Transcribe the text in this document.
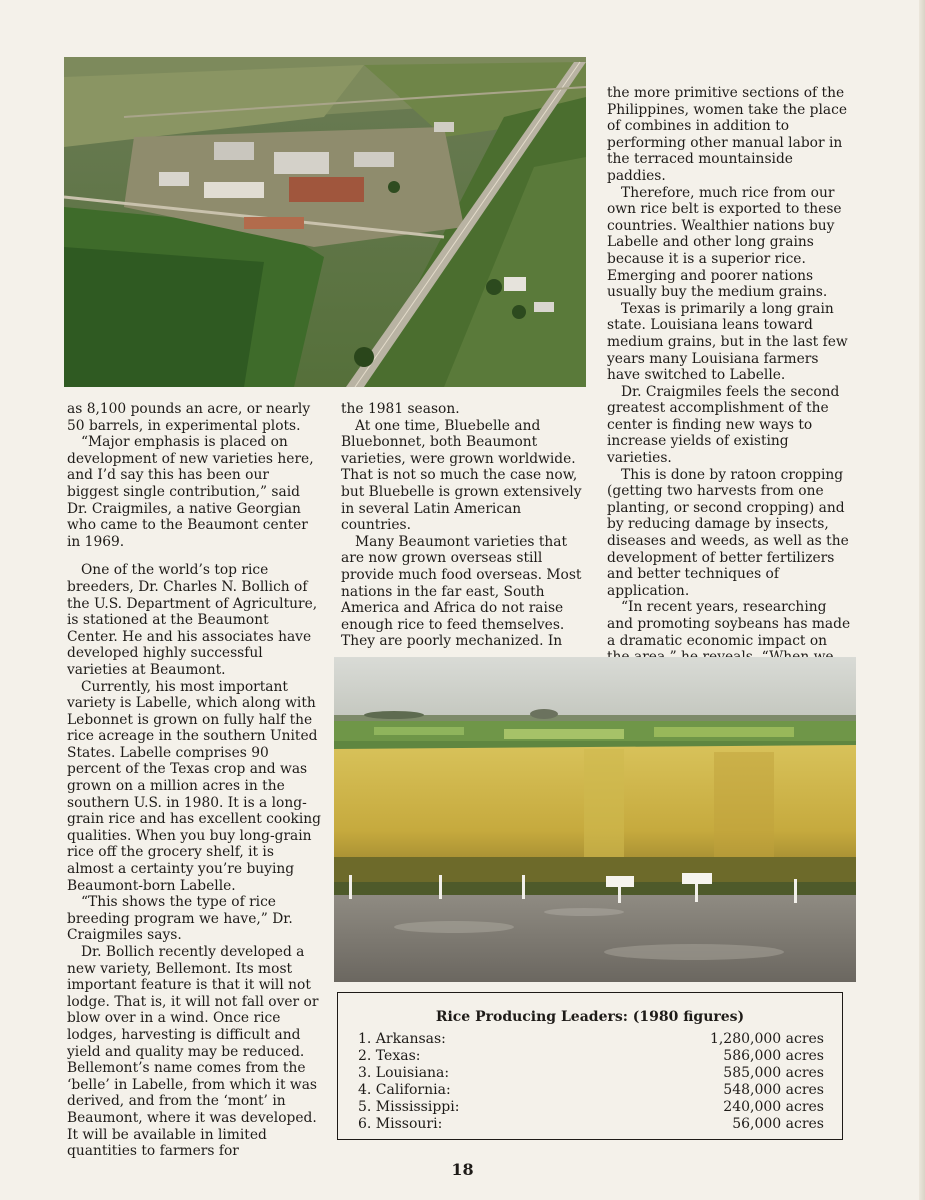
as 8,100 pounds an acre, or nearly 50 barrels, in experimental plots.

“Major emphasis is placed on development of new varieties here, and I’d say this has been our biggest single contribution,” said Dr. Craigmiles, a native Georgian who came to the Beaumont center in 1969.

One of the world’s top rice breeders, Dr. Charles N. Bollich of the U.S. Department of Agriculture, is stationed at the Beaumont Center. He and his associates have developed highly successful varieties at Beaumont.

Currently, his most important variety is Labelle, which along with Lebonnet is grown on fully half the rice acreage in the southern United States. Labelle comprises 90 percent of the Texas crop and was grown on a million acres in the southern U.S. in 1980. It is a long-grain rice and has excellent cooking qualities. When you buy long-grain rice off the grocery shelf, it is almost a certainty you’re buying Beaumont-born Labelle.

“This shows the type of rice breeding program we have,” Dr. Craigmiles says.

Dr. Bollich recently developed a new variety, Bellemont. Its most important feature is that it will not lodge. That is, it will not fall over or blow over in a wind. Once rice lodges, harvesting is difficult and yield and quality may be reduced. Bellemont’s name comes from the ‘belle’ in Labelle, from which it was derived, and from the ‘mont’ in Beaumont, where it was developed. It will be available in limited quantities to farmers for

the 1981 season.

At one time, Bluebelle and Bluebonnet, both Beaumont varieties, were grown worldwide. That is not so much the case now, but Bluebelle is grown extensively in several Latin American countries.

Many Beaumont varieties that are now grown overseas still provide much food overseas. Most nations in the far east, South America and Africa do not raise enough rice to feed themselves. They are poorly mechanized. In

the more primitive sections of the Philippines, women take the place of combines in addition to performing other manual labor in the terraced mountainside paddies.

Therefore, much rice from our own rice belt is exported to these countries. Wealthier nations buy Labelle and other long grains because it is a superior rice. Emerging and poorer nations usually buy the medium grains.

Texas is primarily a long grain state. Louisiana leans toward medium grains, but in the last few years many Louisiana farmers have switched to Labelle.

Dr. Craigmiles feels the second greatest accomplishment of the center is finding new ways to increase yields of existing varieties.

This is done by ratoon cropping (getting two harvests from one planting, or second cropping) and by reducing damage by insects, diseases and weeds, as well as the development of better fertilizers and better techniques of application.

“In recent years, researching and promoting soybeans has made a dramatic economic impact on

Rice Producing Leaders: (1980 figures)
1. Arkansas:	1,280,000 acres
2. Texas:	586,000 acres
3. Louisiana:	585,000 acres
4. California:	548,000 acres
5. Mississippi:	240,000 acres
6. Missouri:	56,000 acres
18
